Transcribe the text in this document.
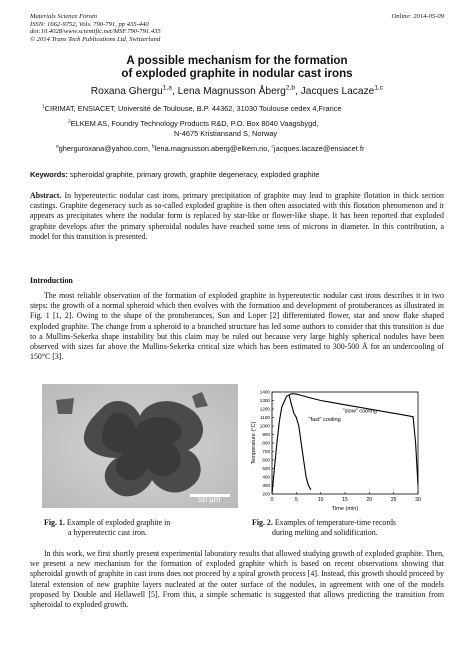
Materials Science Forum
ISSN: 1662-9752, Vols. 790-791, pp 435-440
doi:10.4028/www.scientific.net/MSF.790-791.435
© 2014 Trans Tech Publications Ltd, Switzerland
Online: 2014-05-09
A possible mechanism for the formation
of exploded graphite in nodular cast irons
Roxana Ghergu$^{1,a}$, Lena Magnusson Åberg$^{2,b}$, Jacques Lacaze$^{1,c}$
$^1$CIRIMAT, ENSIACET, Université de Toulouse, B.P. 44362, 31030 Toulouse cedex 4,France
$^2$ELKEM AS, Foundry Technology Products R&D, P.O. Box 8040 Vaagsbygd,
N-4675 Kristiansand S, Norway
$^a$gherguroxana@yahoo.com, $^b$lena.magnusson.aberg@elkem.no, $^c$jacques.lacaze@ensiacet.fr
Keywords: spheroidal graphite, primary growth, graphite degeneracy, exploded graphite
Abstract. In hypereutectic nodular cast irons, primary precipitation of graphite may lead to graphite flotation in thick section castings. Graphite degeneracy such as so-called exploded graphite is then often associated with this flotation phenomenon and it appears as precipitates where the nodular form is replaced by star-like or flower-like shape. It has been reported that exploded graphite develops after the primary spheroidal nodules have reached some tens of microns in diameter. In this contribution, a model for this transition is presented.
Introduction
The most reliable observation of the formation of exploded graphite in hypereutectic nodular cast irons describes it in two steps: the growth of a normal spheroid which then evolves with the formation and development of protuberances as illustrated in Fig. 1 [1, 2]. Owing to the shape of the protuberances, Sun and Loper [2] differentiated flower, star and snow flake shaped exploded graphite. The change from a spheroid to a branched structure has led some authors to consider that this transition is due to a Mullins-Sekerka shape instability but this claim may be ruled out because very large highly spherical nodules have been observed with sizes far above the Mullins-Sekerka critical size which has been estimated to 300-500 Å for an undercooling of 150°C [3].
50 µm	0	5	10	15	20	25	30
200
300
400
500
600
700
800
900
1000
1100
1200
1300
1400
Time (min)
Temperature (°C)
"slow" cooling
"fast" cooling
Fig. 1. Example of exploded graphite in
a hypereutectic cast iron.
Fig. 2. Examples of temperature-time records
during melting and solidification.
In this work, we first shortly present experimental laboratory results that allowed studying growth of exploded graphite. Then, we present a new mechanism for the formation of exploded graphite which is based on recent observations showing that spheroidal growth of graphite in cast irons does not proceed by a spiral growth process [4]. Instead, this growth should proceed by lateral extension of new graphite layers nucleated at the outer surface of the nodules, in agreement with one of the models proposed by Double and Hellawell [5]. From this, a simple schematic is suggested that allows predicting the transition from spheroidal to exploded growth.
